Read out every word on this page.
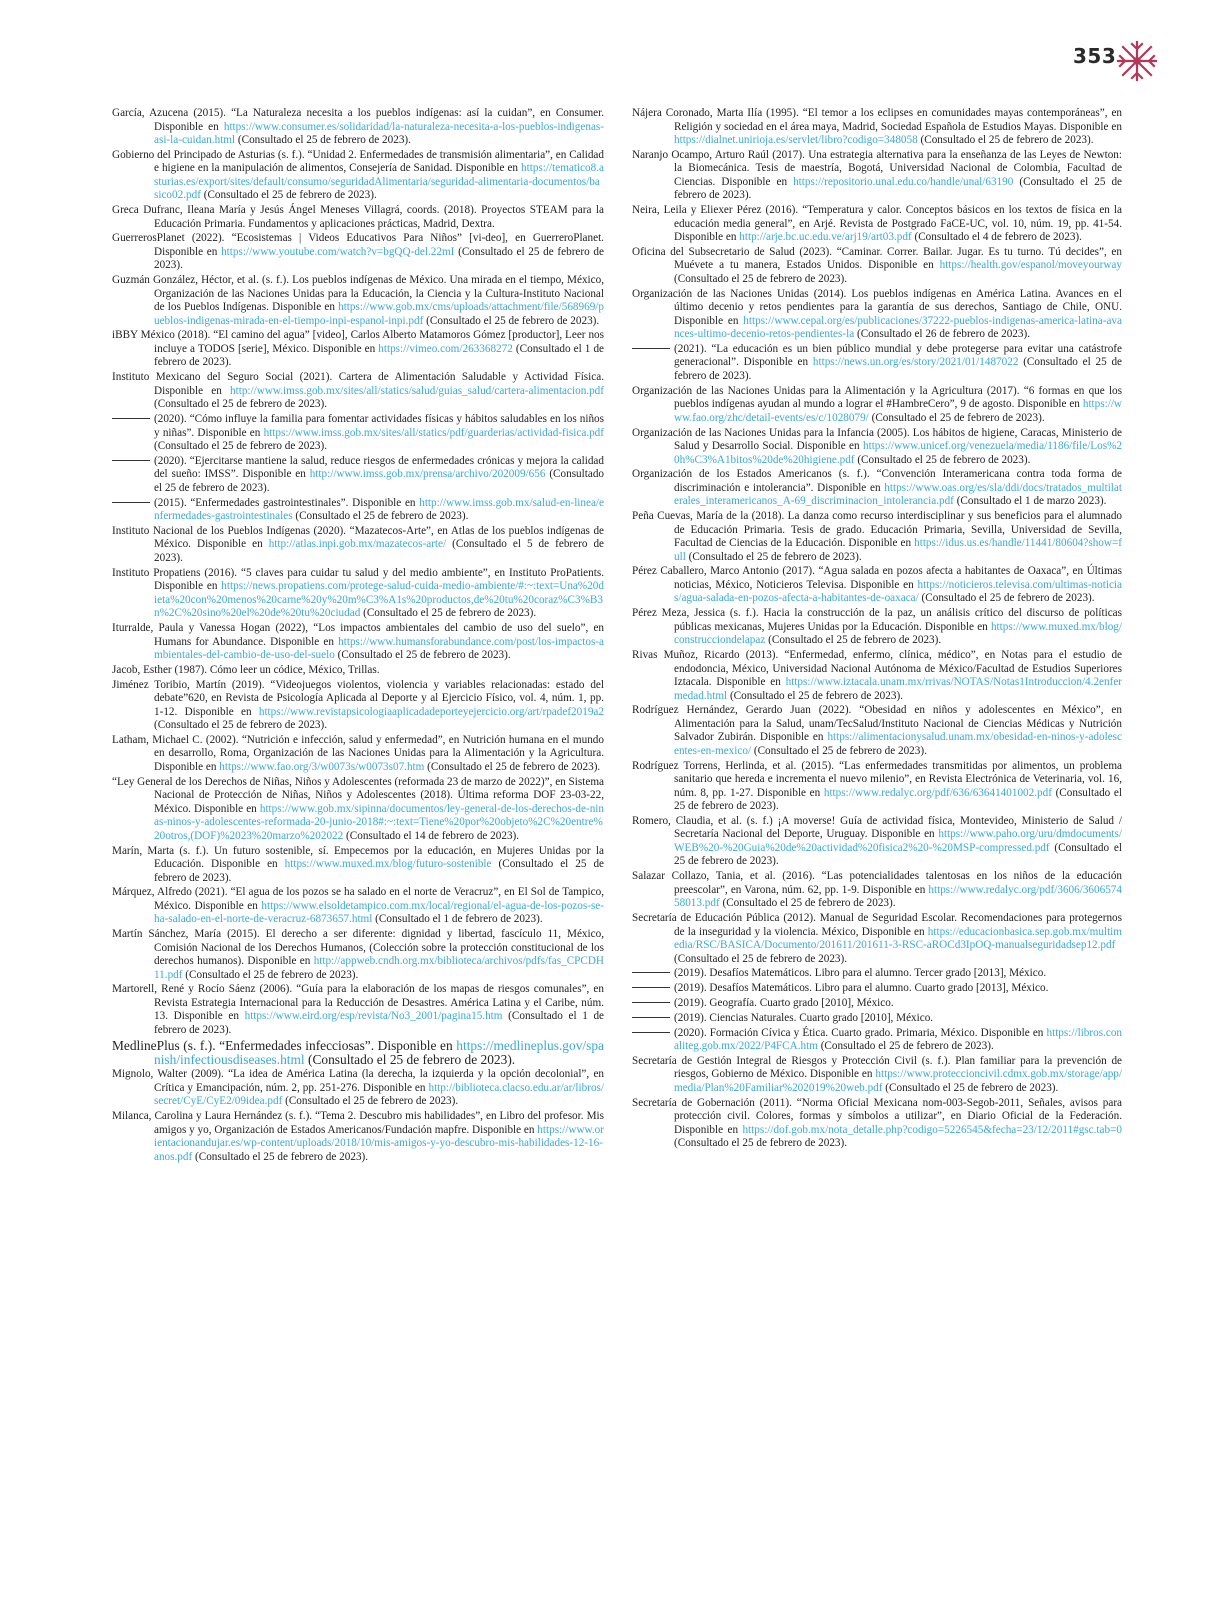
353

García, Azucena (2015). “La Naturaleza necesita a los pueblos indígenas: así la cuidan”, en Consumer. Disponible en https://www.consumer.es/solidaridad/la-naturaleza-necesita-a-los-pueblos-indigenas-asi-la-cuidan.html (Consultado el 25 de febrero de 2023).

Gobierno del Principado de Asturias (s. f.). “Unidad 2. Enfermedades de transmisión alimentaria”, en Calidad e higiene en la manipulación de alimentos, Consejería de Sanidad. Disponible en https://tematico8.asturias.es/export/sites/default/consumo/seguridadAlimentaria/seguridad-alimentaria-documentos/basico02.pdf (Consultado el 25 de febrero de 2023).

Greca Dufranc, Ileana María y Jesús Ángel Meneses Villagrá, coords. (2018). Proyectos STEAM para la Educación Primaria. Fundamentos y aplicaciones prácticas, Madrid, Dextra.

GuerrerosPlanet (2022). “Ecosistemas | Videos Educativos Para Niños” [vi-deo], en GuerreroPlanet. Disponible en https://www.youtube.com/watch?v=bgQQ-del.22mI (Consultado el 25 de febrero de 2023).

Guzmán González, Héctor, et al. (s. f.). Los pueblos indígenas de México. Una mirada en el tiempo, México, Organización de las Naciones Unidas para la Educación, la Ciencia y la Cultura-Instituto Nacional de los Pueblos Indígenas. Disponible en https://www.gob.mx/cms/uploads/attachment/file/568969/pueblos-indigenas-mirada-en-el-tiempo-inpi-espanol-inpi.pdf (Consultado el 25 de febrero de 2023).

iBBY México (2018). “El camino del agua” [video], Carlos Alberto Matamoros Gómez [productor], Leer nos incluye a TODOS [serie], México. Disponible en https://vimeo.com/263368272 (Consultado el 1 de febrero de 2023).

Instituto Mexicano del Seguro Social (2021). Cartera de Alimentación Saludable y Actividad Física. Disponible en http://www.imss.gob.mx/sites/all/statics/salud/guias_salud/cartera-alimentacion.pdf (Consultado el 25 de febrero de 2023).

(2020). “Cómo influye la familia para fomentar actividades físicas y hábitos saludables en los niños y niñas”. Disponible en https://www.imss.gob.mx/sites/all/statics/pdf/guarderias/actividad-fisica.pdf (Consultado el 25 de febrero de 2023).

(2020). “Ejercitarse mantiene la salud, reduce riesgos de enfermedades crónicas y mejora la calidad del sueño: IMSS”. Disponible en http://www.imss.gob.mx/prensa/archivo/202009/656 (Consultado el 25 de febrero de 2023).

(2015). “Enfermedades gastrointestinales”. Disponible en http://www.imss.gob.mx/salud-en-linea/enfermedades-gastrointestinales (Consultado el 25 de febrero de 2023).

Instituto Nacional de los Pueblos Indígenas (2020). “Mazatecos-Arte”, en Atlas de los pueblos indígenas de México. Disponible en http://atlas.inpi.gob.mx/mazatecos-arte/ (Consultado el 5 de febrero de 2023).

Instituto Propatiens (2016). “5 claves para cuidar tu salud y del medio ambiente”, en Instituto ProPatients. Disponible en https://news.propatiens.com/protege-salud-cuida-medio-ambiente/#:~:text=Una%20dieta%20con%20menos%20carne%20y%20m%C3%A1s%20productos,de%20tu%20coraz%C3%B3n%2C%20sino%20el%20de%20tu%20ciudad (Consultado el 25 de febrero de 2023).

Iturralde, Paula y Vanessa Hogan (2022), “Los impactos ambientales del cambio de uso del suelo”, en Humans for Abundance. Disponible en https://www.humansforabundance.com/post/los-impactos-ambientales-del-cambio-de-uso-del-suelo (Consultado el 25 de febrero de 2023).

Jacob, Esther (1987). Cómo leer un códice, México, Trillas.

Jiménez Toribio, Martín (2019). “Videojuegos violentos, violencia y variables relacionadas: estado del debate”620, en Revista de Psicología Aplicada al Deporte y al Ejercicio Físico, vol. 4, núm. 1, pp. 1-12. Disponible en https://www.revistapsicologiaaplicadadeporteyejercicio.org/art/rpadef2019a2 (Consultado el 25 de febrero de 2023).

Latham, Michael C. (2002). “Nutrición e infección, salud y enfermedad”, en Nutrición humana en el mundo en desarrollo, Roma, Organización de las Naciones Unidas para la Alimentación y la Agricultura. Disponible en https://www.fao.org/3/w0073s/w0073s07.htm (Consultado el 25 de febrero de 2023).

“Ley General de los Derechos de Niñas, Niños y Adolescentes (reformada 23 de marzo de 2022)”, en Sistema Nacional de Protección de Niñas, Niños y Adolescentes (2018). Última reforma DOF 23-03-22, México. Disponible en https://www.gob.mx/sipinna/documentos/ley-general-de-los-derechos-de-ninas-ninos-y-adolescentes-reformada-20-junio-2018#:~:text=Tiene%20por%20objeto%2C%20entre%20otros,(DOF)%2023%20marzo%202022 (Consultado el 14 de febrero de 2023).

Marín, Marta (s. f.). Un futuro sostenible, sí. Empecemos por la educación, en Mujeres Unidas por la Educación. Disponible en https://www.muxed.mx/blog/futuro-sostenible (Consultado el 25 de febrero de 2023).

Márquez, Alfredo (2021). “El agua de los pozos se ha salado en el norte de Veracruz”, en El Sol de Tampico, México. Disponible en https://www.elsoldetampico.com.mx/local/regional/el-agua-de-los-pozos-se-ha-salado-en-el-norte-de-veracruz-6873657.html (Consultado el 1 de febrero de 2023).

Martín Sánchez, María (2015). El derecho a ser diferente: dignidad y libertad, fascículo 11, México, Comisión Nacional de los Derechos Humanos, (Colección sobre la protección constitucional de los derechos humanos). Disponible en http://appweb.cndh.org.mx/biblioteca/archivos/pdfs/fas_CPCDH11.pdf (Consultado el 25 de febrero de 2023).

Martorell, René y Rocío Sáenz (2006). “Guía para la elaboración de los mapas de riesgos comunales”, en Revista Estrategia Internacional para la Reducción de Desastres. América Latina y el Caribe, núm. 13. Disponible en https://www.eird.org/esp/revista/No3_2001/pagina15.htm (Consultado el 1 de febrero de 2023).

MedlinePlus (s. f.). “Enfermedades infecciosas”. Disponible en https://medlineplus.gov/spanish/infectiousdiseases.html (Consultado el 25 de febrero de 2023).

Mignolo, Walter (2009). “La idea de América Latina (la derecha, la izquierda y la opción decolonial”, en Crítica y Emancipación, núm. 2, pp. 251-276. Disponible en http://biblioteca.clacso.edu.ar/ar/libros/secret/CyE/CyE2/09idea.pdf (Consultado el 25 de febrero de 2023).

Milanca, Carolina y Laura Hernández (s. f.). “Tema 2. Descubro mis habilidades”, en Libro del profesor. Mis amigos y yo, Organización de Estados Americanos/Fundación mapfre. Disponible en https://www.orientacionandujar.es/wp-content/uploads/2018/10/mis-amigos-y-yo-descubro-mis-habilidades-12-16-anos.pdf (Consultado el 25 de febrero de 2023).

Nájera Coronado, Marta Ilía (1995). “El temor a los eclipses en comunidades mayas contemporáneas”, en Religión y sociedad en el área maya, Madrid, Sociedad Española de Estudios Mayas. Disponible en https://dialnet.unirioja.es/servlet/libro?codigo=348058 (Consultado el 25 de febrero de 2023).

Naranjo Ocampo, Arturo Raúl (2017). Una estrategia alternativa para la enseñanza de las Leyes de Newton: la Biomecánica. Tesis de maestría, Bogotá, Universidad Nacional de Colombia, Facultad de Ciencias. Disponible en https://repositorio.unal.edu.co/handle/unal/63190 (Consultado el 25 de febrero de 2023).

Neira, Leila y Eliexer Pérez (2016). “Temperatura y calor. Conceptos básicos en los textos de física en la educación media general”, en Arjé. Revista de Postgrado FaCE-UC, vol. 10, núm. 19, pp. 41-54. Disponible en http://arje.bc.uc.edu.ve/arj19/art03.pdf (Consultado el 4 de febrero de 2023).

Oficina del Subsecretario de Salud (2023). “Caminar. Correr. Bailar. Jugar. Es tu turno. Tú decides”, en Muévete a tu manera, Estados Unidos. Disponible en https://health.gov/espanol/moveyourway (Consultado el 25 de febrero de 2023).

Organización de las Naciones Unidas (2014). Los pueblos indígenas en América Latina. Avances en el último decenio y retos pendientes para la garantía de sus derechos, Santiago de Chile, ONU. Disponible en https://www.cepal.org/es/publicaciones/37222-pueblos-indigenas-america-latina-avances-ultimo-decenio-retos-pendientes-la (Consultado el 26 de febrero de 2023).

(2021). “La educación es un bien público mundial y debe protegerse para evitar una catástrofe generacional”. Disponible en https://news.un.org/es/story/2021/01/1487022 (Consultado el 25 de febrero de 2023).

Organización de las Naciones Unidas para la Alimentación y la Agricultura (2017). “6 formas en que los pueblos indígenas ayudan al mundo a lograr el #HambreCero”, 9 de agosto. Disponible en https://www.fao.org/zhc/detail-events/es/c/1028079/ (Consultado el 25 de febrero de 2023).

Organización de las Naciones Unidas para la Infancia (2005). Los hábitos de higiene, Caracas, Ministerio de Salud y Desarrollo Social. Disponible en https://www.unicef.org/venezuela/media/1186/file/Los%20h%C3%A1bitos%20de%20higiene.pdf (Consultado el 25 de febrero de 2023).

Organización de los Estados Americanos (s. f.). “Convención Interamericana contra toda forma de discriminación e intolerancia”. Disponible en https://www.oas.org/es/sla/ddi/docs/tratados_multilaterales_interamericanos_A-69_discriminacion_intolerancia.pdf (Consultado el 1 de marzo 2023).

Peña Cuevas, María de la (2018). La danza como recurso interdisciplinar y sus beneficios para el alumnado de Educación Primaria. Tesis de grado. Educación Primaria, Sevilla, Universidad de Sevilla, Facultad de Ciencias de la Educación. Disponible en https://idus.us.es/handle/11441/80604?show=full (Consultado el 25 de febrero de 2023).

Pérez Caballero, Marco Antonio (2017). “Agua salada en pozos afecta a habitantes de Oaxaca”, en Últimas noticias, México, Noticieros Televisa. Disponible en https://noticieros.televisa.com/ultimas-noticias/agua-salada-en-pozos-afecta-a-habitantes-de-oaxaca/ (Consultado el 25 de febrero de 2023).

Pérez Meza, Jessica (s. f.). Hacia la construcción de la paz, un análisis crítico del discurso de políticas públicas mexicanas, Mujeres Unidas por la Educación. Disponible en https://www.muxed.mx/blog/construcciondelapaz (Consultado el 25 de febrero de 2023).

Rivas Muñoz, Ricardo (2013). “Enfermedad, enfermo, clínica, médico”, en Notas para el estudio de endodoncia, México, Universidad Nacional Autónoma de México/Facultad de Estudios Superiores Iztacala. Disponible en https://www.iztacala.unam.mx/rrivas/NOTAS/Notas1Introduccion/4.2enfermedad.html (Consultado el 25 de febrero de 2023).

Rodríguez Hernández, Gerardo Juan (2022). “Obesidad en niños y adolescentes en México”, en Alimentación para la Salud, unam/TecSalud/Instituto Nacional de Ciencias Médicas y Nutrición Salvador Zubirán. Disponible en https://alimentacionysalud.unam.mx/obesidad-en-ninos-y-adolescentes-en-mexico/ (Consultado el 25 de febrero de 2023).

Rodríguez Torrens, Herlinda, et al. (2015). “Las enfermedades transmitidas por alimentos, un problema sanitario que hereda e incrementa el nuevo milenio”, en Revista Electrónica de Veterinaria, vol. 16, núm. 8, pp. 1-27. Disponible en https://www.redalyc.org/pdf/636/63641401002.pdf (Consultado el 25 de febrero de 2023).

Romero, Claudia, et al. (s. f.) ¡A moverse! Guía de actividad física, Montevideo, Ministerio de Salud / Secretaría Nacional del Deporte, Uruguay. Disponible en https://www.paho.org/uru/dmdocuments/WEB%20-%20Guia%20de%20actividad%20fisica2%20-%20MSP-compressed.pdf (Consultado el 25 de febrero de 2023).

Salazar Collazo, Tania, et al. (2016). “Las potencialidades talentosas en los niños de la educación preescolar”, en Varona, núm. 62, pp. 1-9. Disponible en https://www.redalyc.org/pdf/3606/360657458013.pdf (Consultado el 25 de febrero de 2023).

Secretaría de Educación Pública (2012). Manual de Seguridad Escolar. Recomendaciones para protegernos de la inseguridad y la violencia. México, Disponible en https://educacionbasica.sep.gob.mx/multimedia/RSC/BASICA/Documento/201611/201611-3-RSC-aROCd3IpOQ-manualseguridadsep12.pdf (Consultado el 25 de febrero de 2023).

(2019). Desafíos Matemáticos. Libro para el alumno. Tercer grado [2013], México.

(2019). Desafíos Matemáticos. Libro para el alumno. Cuarto grado [2013], México.

(2019). Geografía. Cuarto grado [2010], México.

(2019). Ciencias Naturales. Cuarto grado [2010], México.

(2020). Formación Cívica y Ética. Cuarto grado. Primaria, México. Disponible en https://libros.conaliteg.gob.mx/2022/P4FCA.htm (Consultado el 25 de febrero de 2023).

Secretaría de Gestión Integral de Riesgos y Protección Civil (s. f.). Plan familiar para la prevención de riesgos, Gobierno de México. Disponible en https://www.proteccioncivil.cdmx.gob.mx/storage/app/media/Plan%20Familiar%202019%20web.pdf (Consultado el 25 de febrero de 2023).

Secretaría de Gobernación (2011). “Norma Oficial Mexicana nom-003-Segob-2011, Señales, avisos para protección civil. Colores, formas y símbolos a utilizar”, en Diario Oficial de la Federación. Disponible en https://dof.gob.mx/nota_detalle.php?codigo=5226545&fecha=23/12/2011#gsc.tab=0 (Consultado el 25 de febrero de 2023).
